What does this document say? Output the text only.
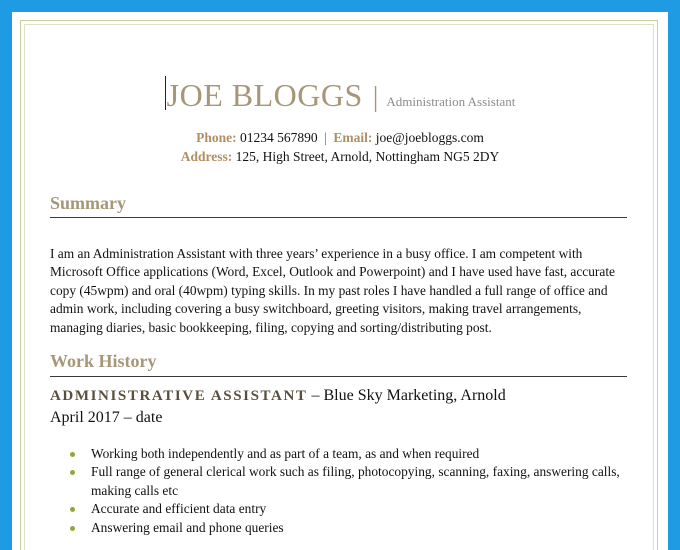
JOE BLOGGS | Administration Assistant
Phone: 01234 567890 | Email: joe@joebloggs.com
Address: 125, High Street, Arnold, Nottingham NG5 2DY
Summary
I am an Administration Assistant with three years’ experience in a busy office. I am competent with Microsoft Office applications (Word, Excel, Outlook and Powerpoint) and I have used have fast, accurate copy (45wpm) and oral (40wpm) typing skills. In my past roles I have handled a full range of office and admin work, including covering a busy switchboard, greeting visitors, making travel arrangements, managing diaries, basic bookkeeping, filing, copying and sorting/distributing post.
Work History
ADMINISTRATIVE ASSISTANT – Blue Sky Marketing, Arnold
April 2017 – date
Working both independently and as part of a team, as and when required
Full range of general clerical work such as filing, photocopying, scanning, faxing, answering calls, making calls etc
Accurate and efficient data entry
Answering email and phone queries
